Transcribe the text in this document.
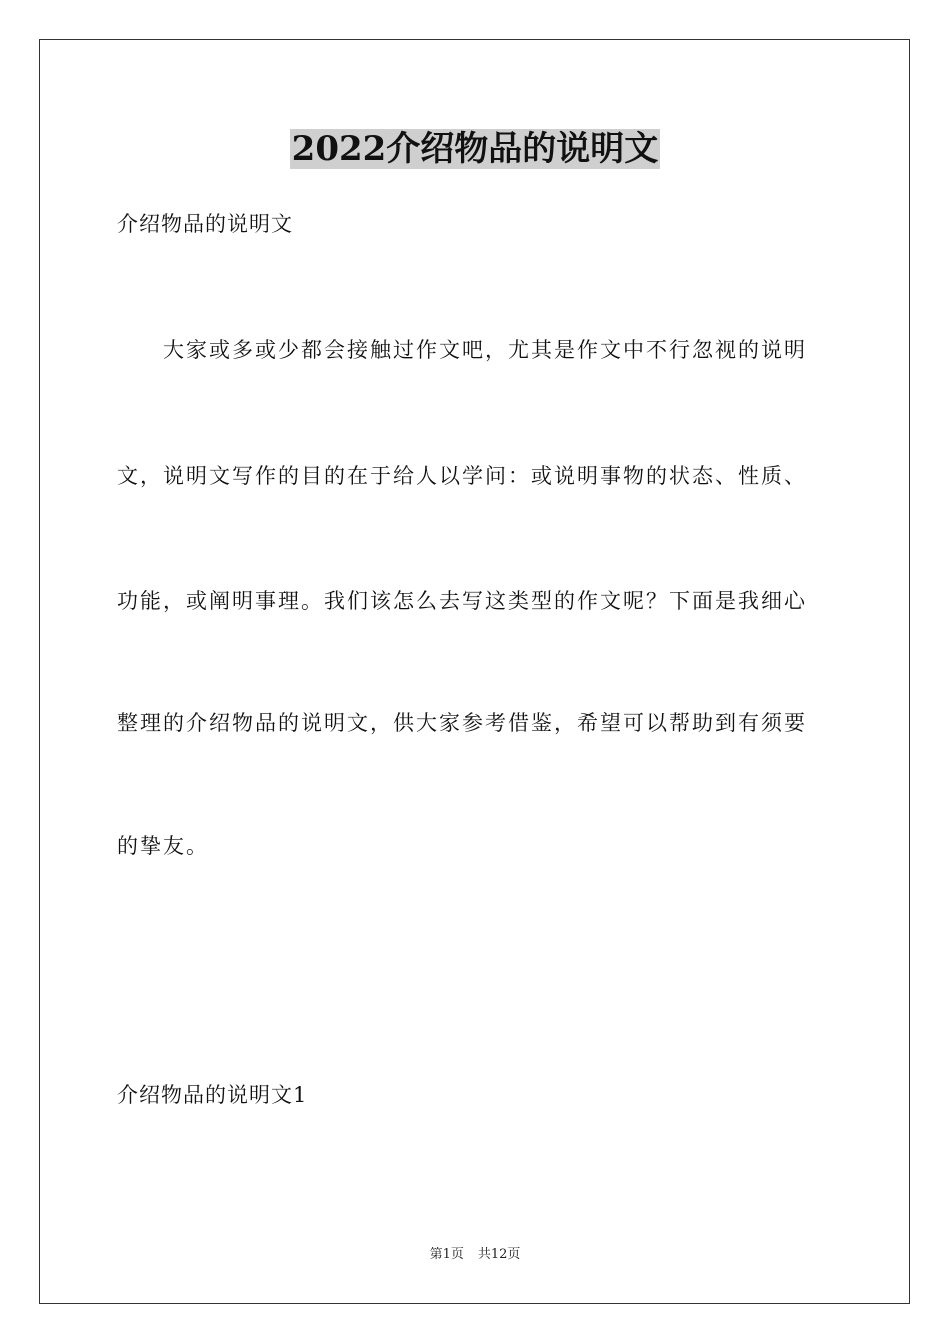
2022介绍物品的说明文
介绍物品的说明文
　　大家或多或少都会接触过作文吧，尤其是作文中不行忽视的说明
文，说明文写作的目的在于给人以学问：或说明事物的状态、性质、
功能，或阐明事理。我们该怎么去写这类型的作文呢？下面是我细心
整理的介绍物品的说明文，供大家参考借鉴，希望可以帮助到有须要
的挚友。
介绍物品的说明文1
第1页 共12页
